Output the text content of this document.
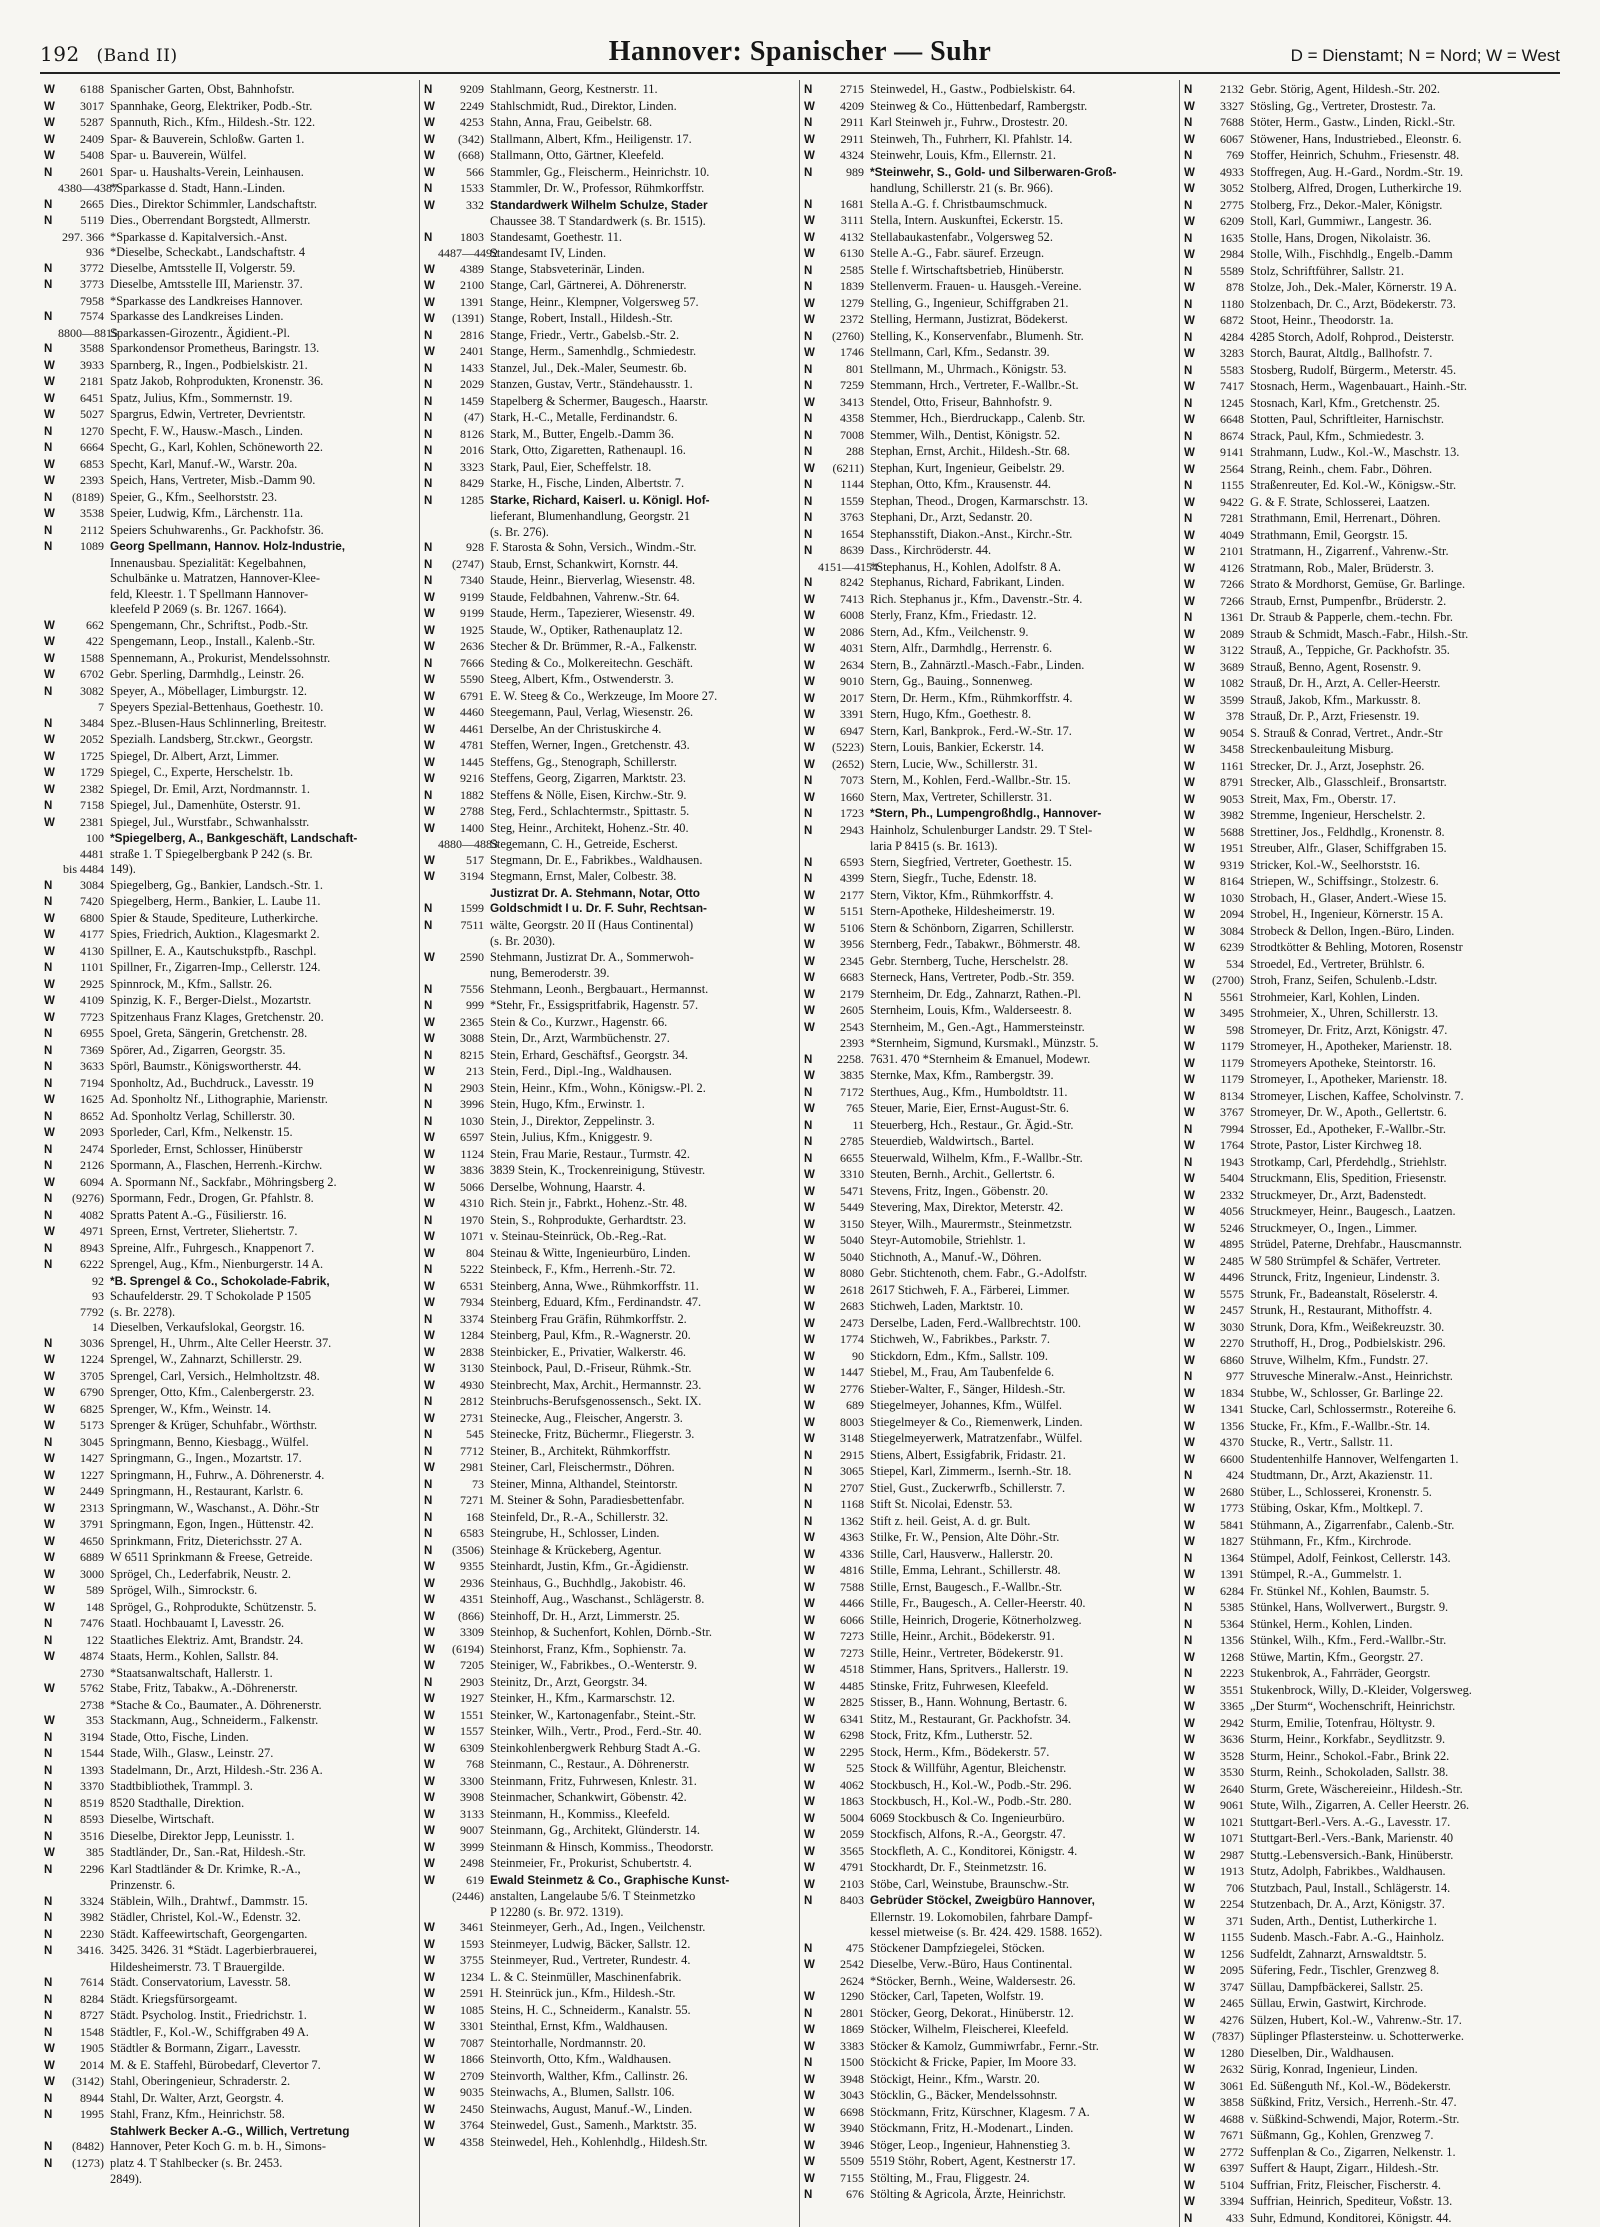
192 (Band II)	Hannover: Spanischer — Suhr	D = Dienstamt; N = Nord; W = West
W	6188 Spanischer Garten, Obst, Bahnhofstr.
W	3017 Spannhake, Georg, Elektriker, Podb.-Str.
W	5287 Spannuth, Rich., Kfm., Hildesh.-Str. 122.
W	2409 Spar- & Bauverein, Schloßw. Garten 1.
W	5408 Spar- u. Bauverein, Wülfel.
N	2601 Spar- u. Haushalts-Verein, Leinhausen.
4380—4387
*Sparkasse d. Stadt, Hann.-Linden.
N	2665 Dies., Direktor Schimmler, Landschaftstr.
N	5119 Dies., Oberrendant Borgstedt, Allmerstr.
297. 366 *Sparkasse d. Kapitalversich.-Anst.
936 *Dieselbe, Scheckabt., Landschaftstr. 4
N	3772 Dieselbe, Amtsstelle II, Volgerstr. 59.
N	3773 Dieselbe, Amtsstelle III, Marienstr. 37.
7958 *Sparkasse des Landkreises Hannover.
N	7574 Sparkasse des Landkreises Linden.
8800—8815
Sparkassen-Girozentr., Ägidient.-Pl.
N	3588 Sparkondensor Prometheus, Baringstr. 13.
W	3933 Sparnberg, R., Ingen., Podbielskistr. 21.
W	2181 Spatz Jakob, Rohprodukten, Kronenstr. 36.
W	6451 Spatz, Julius, Kfm., Sommernstr. 19.
W	5027 Spargrus, Edwin, Vertreter, Devrientstr.
N	1270 Specht, F. W., Hausw.-Masch., Linden.
N	6664 Specht, G., Karl, Kohlen, Schöneworth 22.
W	6853 Specht, Karl, Manuf.-W., Warstr. 20a.
W	2393 Speich, Hans, Vertreter, Misb.-Damm 90.
N	(8189) Speier, G., Kfm., Seelhorststr. 23.
W	3538 Speier, Ludwig, Kfm., Lärchenstr. 11a.
N	2112 Speiers Schuhwarenhs., Gr. Packhofstr. 36.
N	1089 Georg Spellmann, Hannov. Holz-Industrie,
Innenausbau. Spezialität: Kegelbahnen,
Schulbänke u. Matratzen, Hannover-Klee-
feld, Kleestr. 1. T Spellmann Hannover-
kleefeld P 2069 (s. Br. 1267. 1664).
W	662 Spengemann, Chr., Schriftst., Podb.-Str.
W	422 Spengemann, Leop., Install., Kalenb.-Str.
W	1588 Spennemann, A., Prokurist, Mendelssohnstr.
W	6702 Gebr. Sperling, Darmhdlg., Leinstr. 26.
N	3082 Speyer, A., Möbellager, Limburgstr. 12.
7 Speyers Spezial-Bettenhaus, Goethestr. 10.
N	3484 Spez.-Blusen-Haus Schlinnerling, Breitestr.
W	2052 Spezialh. Landsberg, Str.ckwr., Georgstr.
W	1725 Spiegel, Dr. Albert, Arzt, Limmer.
W	1729 Spiegel, C., Experte, Herschelstr. 1b.
W	2382 Spiegel, Dr. Emil, Arzt, Nordmannstr. 1.
N	7158 Spiegel, Jul., Damenhüte, Osterstr. 91.
W	2381 Spiegel, Jul., Wurstfabr., Schwanhalsstr.
100 *Spiegelberg, A., Bankgeschäft, Landschaft-
4481 straße 1. T Spiegelbergbank P 242 (s. Br.
bis 4484 149).
N	3084 Spiegelberg, Gg., Bankier, Landsch.-Str. 1.
N	7420 Spiegelberg, Herm., Bankier, L. Laube 11.
W	6800 Spier & Staude, Spediteure, Lutherkirche.
W	4177 Spies, Friedrich, Auktion., Klagesmarkt 2.
W	4130 Spillner, E. A., Kautschukstpfb., Raschpl.
N	1101 Spillner, Fr., Zigarren-Imp., Cellerstr. 124.
W	2925 Spinnrock, M., Kfm., Sallstr. 26.
W	4109 Spinzig, K. F., Berger-Dielst., Mozartstr.
W	7723 Spitzenhaus Franz Klages, Gretchenstr. 20.
N	6955 Spoel, Greta, Sängerin, Gretchenstr. 28.
N	7369 Spörer, Ad., Zigarren, Georgstr. 35.
N	3633 Spörl, Baumstr., Königswortherstr. 44.
N	7194 Sponholtz, Ad., Buchdruck., Lavesstr. 19
W	1625 Ad. Sponholtz Nf., Lithographie, Marienstr.
N	8652 Ad. Sponholtz Verlag, Schillerstr. 30.
W	2093 Sporleder, Carl, Kfm., Nelkenstr. 15.
N	2474 Sporleder, Ernst, Schlosser, Hinüberstr
N	2126 Spormann, A., Flaschen, Herrenh.-Kirchw.
W	6094 A. Spormann Nf., Sackfabr., Möhringsberg 2.
N	(9276) Spormann, Fedr., Drogen, Gr. Pfahlstr. 8.
N	4082 Spratts Patent A.-G., Füsilierstr. 16.
W	4971 Spreen, Ernst, Vertreter, Sliehertstr. 7.
N	8943 Spreine, Alfr., Fuhrgesch., Knappenort 7.
N	6222 Sprengel, Aug., Kfm., Nienburgerstr. 14 A.
92 *B. Sprengel & Co., Schokolade-Fabrik,
93 Schaufelderstr. 29. T Schokolade P 1505
7792 (s. Br. 2278).
14 Dieselben, Verkaufslokal, Georgstr. 16.
N	3036 Sprengel, H., Uhrm., Alte Celler Heerstr. 37.
W	1224 Sprengel, W., Zahnarzt, Schillerstr. 29.
W	3705 Sprengel, Carl, Versich., Helmholtzstr. 48.
W	6790 Sprenger, Otto, Kfm., Calenbergerstr. 23.
W	6825 Sprenger, W., Kfm., Weinstr. 14.
W	5173 Sprenger & Krüger, Schuhfabr., Wörthstr.
N	3045 Springmann, Benno, Kiesbagg., Wülfel.
W	1427 Springmann, G., Ingen., Mozartstr. 17.
W	1227 Springmann, H., Fuhrw., A. Döhrenerstr. 4.
W	2449 Springmann, H., Restaurant, Karlstr. 6.
W	2313 Springmann, W., Waschanst., A. Döhr.-Str
W	3791 Springmann, Egon, Ingen., Hüttenstr. 42.
W	4650 Sprinkmann, Fritz, Dieterichsstr. 27 A.
W	6889 W 6511 Sprinkmann & Freese, Getreide.
W	3000 Sprögel, Ch., Lederfabrik, Neustr. 2.
W	589 Sprögel, Wilh., Simrockstr. 6.
W	148 Sprögel, G., Rohprodukte, Schützenstr. 5.
N	7476 Staatl. Hochbauamt I, Lavesstr. 26.
N	122 Staatliches Elektriz. Amt, Brandstr. 24.
W	4874 Staats, Herm., Kohlen, Sallstr. 84.
2730 *Staatsanwaltschaft, Hallerstr. 1.
W	5762 Stabe, Fritz, Tabakw., A.-Döhrenerstr.
2738 *Stache & Co., Baumater., A. Döhrenerstr.
W	353 Stackmann, Aug., Schneiderm., Falkenstr.
N	3194 Stade, Otto, Fische, Linden.
N	1544 Stade, Wilh., Glasw., Leinstr. 27.
N	1393 Stadelmann, Dr., Arzt, Hildesh.-Str. 236 A.
N	3370 Stadtbibliothek, Trammpl. 3.
N	8519 8520 Stadthalle, Direktion.
N	8593 Dieselbe, Wirtschaft.
N	3516 Dieselbe, Direktor Jepp, Leunisstr. 1.
W	385 Stadtländer, Dr., San.-Rat, Hildesh.-Str.
N	2296 Karl Stadtländer & Dr. Krimke, R.-A.,
Prinzenstr. 6.
N	3324 Stäblein, Wilh., Drahtwf., Dammstr. 15.
N	3982 Städler, Christel, Kol.-W., Edenstr. 32.
N	2230 Städt. Kaffeewirtschaft, Georgengarten.
N	3416. 3425. 3426. 31 *Städt. Lagerbierbrauerei,
Hildesheimerstr. 73. T Brauergilde.
N	7614 Städt. Conservatorium, Lavesstr. 58.
N	8284 Städt. Kriegsfürsorgeamt.
N	8727 Städt. Psycholog. Instit., Friedrichstr. 1.
N	1548 Städtler, F., Kol.-W., Schiffgraben 49 A.
W	1905 Städtler & Bormann, Zigarr., Lavesstr.
W	2014 M. & E. Staffehl, Bürobedarf, Clevertor 7.
W	(3142) Stahl, Oberingenieur, Schraderstr. 2.
N	8944 Stahl, Dr. Walter, Arzt, Georgstr. 4.
N	1995 Stahl, Franz, Kfm., Heinrichstr. 58.
Stahlwerk Becker A.-G., Willich, Vertretung
N	(8482) Hannover, Peter Koch G. m. b. H., Simons-
N	(1273) platz 4. T Stahlbecker (s. Br. 2453.
2849).
N	9209 Stahlmann, Georg, Kestnerstr. 11.
W	2249 Stahlschmidt, Rud., Direktor, Linden.
W	4253 Stahn, Anna, Frau, Geibelstr. 68.
W	(342) Stallmann, Albert, Kfm., Heiligenstr. 17.
W	(668) Stallmann, Otto, Gärtner, Kleefeld.
W	566 Stammler, Gg., Fleischerm., Heinrichstr. 10.
N	1533 Stammler, Dr. W., Professor, Rühmkorffstr.
W	332 Standardwerk Wilhelm Schulze, Stader
Chaussee 38. T Standardwerk (s. Br. 1515).
N	1803 Standesamt, Goethestr. 11.
4487—4492
Standesamt IV, Linden.
W	4389 Stange, Stabsveterinär, Linden.
W	2100 Stange, Carl, Gärtnerei, A. Döhrenerstr.
W	1391 Stange, Heinr., Klempner, Volgersweg 57.
W	(1391) Stange, Robert, Install., Hildesh.-Str.
N	2816 Stange, Friedr., Vertr., Gabelsb.-Str. 2.
W	2401 Stange, Herm., Samenhdlg., Schmiedestr.
N	1433 Stanzel, Jul., Dek.-Maler, Seumestr. 6b.
N	2029 Stanzen, Gustav, Vertr., Ständehausstr. 1.
N	1459 Stapelberg & Schermer, Baugesch., Haarstr.
N	(47) Stark, H.-C., Metalle, Ferdinandstr. 6.
N	8126 Stark, M., Butter, Engelb.-Damm 36.
N	2016 Stark, Otto, Zigaretten, Rathenaupl. 16.
N	3323 Stark, Paul, Eier, Scheffelstr. 18.
N	8429 Starke, H., Fische, Linden, Albertstr. 7.
N	1285 Starke, Richard, Kaiserl. u. Königl. Hof-
lieferant, Blumenhandlung, Georgstr. 21
(s. Br. 276).
N	928 F. Starosta & Sohn, Versich., Windm.-Str.
N	(2747) Staub, Ernst, Schankwirt, Kornstr. 44.
N	7340 Staude, Heinr., Bierverlag, Wiesenstr. 48.
W	9199 Staude, Feldbahnen, Vahrenw.-Str. 64.
W	9199 Staude, Herm., Tapezierer, Wiesenstr. 49.
W	1925 Staude, W., Optiker, Rathenauplatz 12.
W	2636 Stecher & Dr. Brümmer, R.-A., Falkenstr.
N	7666 Steding & Co., Molkereitechn. Geschäft.
W	5590 Steeg, Albert, Kfm., Ostwenderstr. 3.
W	6791 E. W. Steeg & Co., Werkzeuge, Im Moore 27.
W	4460 Steegemann, Paul, Verlag, Wiesenstr. 26.
W	4461 Derselbe, An der Christuskirche 4.
W	4781 Steffen, Werner, Ingen., Gretchenstr. 43.
W	1445 Steffens, Gg., Stenograph, Schillerstr.
W	9216 Steffens, Georg, Zigarren, Marktstr. 23.
N	1882 Steffens & Nölle, Eisen, Kirchw.-Str. 9.
W	2788 Steg, Ferd., Schlachtermstr., Spittastr. 5.
W	1400 Steg, Heinr., Architekt, Hohenz.-Str. 40.
4880—4883
Stegemann, C. H., Getreide, Escherst.
W	517 Stegmann, Dr. E., Fabrikbes., Waldhausen.
W	3194 Stegmann, Ernst, Maler, Colbestr. 38.
Justizrat Dr. A. Stehmann, Notar, Otto
N	1599 Goldschmidt I u. Dr. F. Suhr, Rechtsan-
N	7511 wälte, Georgstr. 20 II (Haus Continental)
(s. Br. 2030).
W	2590 Stehmann, Justizrat Dr. A., Sommerwoh-
nung, Bemeroderstr. 39.
N	7556 Stehmann, Leonh., Bergbauart., Hermannst.
N	999 *Stehr, Fr., Essigspritfabrik, Hagenstr. 57.
W	2365 Stein & Co., Kurzwr., Hagenstr. 66.
W	3088 Stein, Dr., Arzt, Warmbüchenstr. 27.
N	8215 Stein, Erhard, Geschäftsf., Georgstr. 34.
W	213 Stein, Ferd., Dipl.-Ing., Waldhausen.
N	2903 Stein, Heinr., Kfm., Wohn., Königsw.-Pl. 2.
N	3996 Stein, Hugo, Kfm., Erwinstr. 1.
N	1030 Stein, J., Direktor, Zeppelinstr. 3.
W	6597 Stein, Julius, Kfm., Kniggestr. 9.
W	1124 Stein, Frau Marie, Restaur., Turmstr. 42.
W	3836 3839 Stein, K., Trockenreinigung, Stüvestr.
W	5066 Derselbe, Wohnung, Haarstr. 4.
W	4310 Rich. Stein jr., Fabrkt., Hohenz.-Str. 48.
N	1970 Stein, S., Rohprodukte, Gerhardtstr. 23.
W	1071 v. Steinau-Steinrück, Ob.-Reg.-Rat.
W	804 Steinau & Witte, Ingenieurbüro, Linden.
N	5222 Steinbeck, F., Kfm., Herrenh.-Str. 72.
W	6531 Steinberg, Anna, Wwe., Rühmkorffstr. 11.
W	7934 Steinberg, Eduard, Kfm., Ferdinandstr. 47.
N	3374 Steinberg Frau Gräfin, Rühmkorffstr. 2.
W	1284 Steinberg, Paul, Kfm., R.-Wagnerstr. 20.
W	2838 Steinbicker, E., Privatier, Walkerstr. 46.
W	3130 Steinbock, Paul, D.-Friseur, Rühmk.-Str.
W	4930 Steinbrecht, Max, Archit., Hermannstr. 23.
N	2812 Steinbruchs-Berufsgenossensch., Sekt. IX.
W	2731 Steinecke, Aug., Fleischer, Angerstr. 3.
N	545 Steinecke, Fritz, Büchermr., Fliegerstr. 3.
N	7712 Steiner, B., Architekt, Rühmkorffstr.
W	2981 Steiner, Carl, Fleischermstr., Döhren.
N	73 Steiner, Minna, Althandel, Steintorstr.
N	7271 M. Steiner & Sohn, Paradiesbettenfabr.
N	168 Steinfeld, Dr., R.-A., Schillerstr. 32.
N	6583 Steingrube, H., Schlosser, Linden.
N	(3506) Steinhage & Krückeberg, Agentur.
W	9355 Steinhardt, Justin, Kfm., Gr.-Ägidienstr.
W	2936 Steinhaus, G., Buchhdlg., Jakobistr. 46.
W	4351 Steinhoff, Aug., Waschanst., Schlägerstr. 8.
W	(866) Steinhoff, Dr. H., Arzt, Limmerstr. 25.
W	3309 Steinhop, & Suchenfort, Kohlen, Dörnb.-Str.
W	(6194) Steinhorst, Franz, Kfm., Sophienstr. 7a.
W	7205 Steiniger, W., Fabrikbes., O.-Wenterstr. 9.
N	2903 Steinitz, Dr., Arzt, Georgstr. 34.
W	1927 Steinker, H., Kfm., Karmarschstr. 12.
W	1551 Steinker, W., Kartonagenfabr., Steint.-Str.
W	1557 Steinker, Wilh., Vertr., Prod., Ferd.-Str. 40.
W	6309 Steinkohlenbergwerk Rehburg Stadt A.-G.
W	768 Steinmann, C., Restaur., A. Döhrenerstr.
W	3300 Steinmann, Fritz, Fuhrwesen, Knlestr. 31.
W	3908 Steinmacher, Schankwirt, Göbenstr. 42.
W	3133 Steinmann, H., Kommiss., Kleefeld.
W	9007 Steinmann, Gg., Architekt, Glünderstr. 14.
W	3999 Steinmann & Hinsch, Kommiss., Theodorstr.
W	2498 Steinmeier, Fr., Prokurist, Schubertstr. 4.
W	619 Ewald Steinmetz & Co., Graphische Kunst-
(2446) anstalten, Langelaube 5/6. T Steinmetzko
P 12280 (s. Br. 972. 1319).
W	3461 Steinmeyer, Gerh., Ad., Ingen., Veilchenstr.
W	1593 Steinmeyer, Ludwig, Bäcker, Sallstr. 12.
W	3755 Steinmeyer, Rud., Vertreter, Rundestr. 4.
W	1234 L. & C. Steinmüller, Maschinenfabrik.
W	2591 H. Steinrück jun., Kfm., Hildesh.-Str.
W	1085 Steins, H. C., Schneiderm., Kanalstr. 55.
W	3301 Steinthal, Ernst, Kfm., Waldhausen.
W	7087 Steintorhalle, Nordmannstr. 20.
W	1866 Steinvorth, Otto, Kfm., Waldhausen.
W	2709 Steinvorth, Walther, Kfm., Callinstr. 26.
W	9035 Steinwachs, A., Blumen, Sallstr. 106.
W	2450 Steinwachs, August, Manuf.-W., Linden.
W	3764 Steinwedel, Gust., Samenh., Marktstr. 35.
W	4358 Steinwedel, Heh., Kohlenhdlg., Hildesh.Str.
N	2715 Steinwedel, H., Gastw., Podbielskistr. 64.
W	4209 Steinweg & Co., Hüttenbedarf, Rambergstr.
N	2911 Karl Steinweh jr., Fuhrw., Drostestr. 20.
W	2911 Steinweh, Th., Fuhrherr, Kl. Pfahlstr. 14.
W	4324 Steinwehr, Louis, Kfm., Ellernstr. 21.
N	989 *Steinwehr, S., Gold- und Silberwaren-Groß-
handlung, Schillerstr. 21 (s. Br. 966).
N	1681 Stella A.-G. f. Christbaumschmuck.
W	3111 Stella, Intern. Auskunftei, Eckerstr. 15.
W	4132 Stellabaukastenfabr., Volgersweg 52.
W	6130 Stelle A.-G., Fabr. säuref. Erzeugn.
N	2585 Stelle f. Wirtschaftsbetrieb, Hinüberstr.
N	1839 Stellenverm. Frauen- u. Hausgeh.-Vereine.
W	1279 Stelling, G., Ingenieur, Schiffgraben 21.
W	2372 Stelling, Hermann, Justizrat, Bödekerst.
N	(2760) Stelling, K., Konservenfabr., Blumenh. Str.
W	1746 Stellmann, Carl, Kfm., Sedanstr. 39.
N	801 Stellmann, M., Uhrmach., Königstr. 53.
N	7259 Stemmann, Hrch., Vertreter, F.-Wallbr.-St.
W	3413 Stendel, Otto, Friseur, Bahnhofstr. 9.
N	4358 Stemmer, Hch., Bierdruckapp., Calenb. Str.
N	7008 Stemmer, Wilh., Dentist, Königstr. 52.
N	288 Stephan, Ernst, Archit., Hildesh.-Str. 68.
W	(6211) Stephan, Kurt, Ingenieur, Geibelstr. 29.
N	1144 Stephan, Otto, Kfm., Krausenstr. 44.
N	1559 Stephan, Theod., Drogen, Karmarschstr. 13.
N	3763 Stephani, Dr., Arzt, Sedanstr. 20.
N	1654 Stephansstift, Diakon.-Anst., Kirchr.-Str.
N	8639 Dass., Kirchröderstr. 44.
4151—4154
*Stephanus, H., Kohlen, Adolfstr. 8 A.
N	8242 Stephanus, Richard, Fabrikant, Linden.
W	7413 Rich. Stephanus jr., Kfm., Davenstr.-Str. 4.
W	6008 Sterly, Franz, Kfm., Friedastr. 12.
W	2086 Stern, Ad., Kfm., Veilchenstr. 9.
W	4031 Stern, Alfr., Darmhdlg., Herrenstr. 6.
W	2634 Stern, B., Zahnärztl.-Masch.-Fabr., Linden.
W	9010 Stern, Gg., Bauing., Sonnenweg.
W	2017 Stern, Dr. Herm., Kfm., Rühmkorffstr. 4.
W	3391 Stern, Hugo, Kfm., Goethestr. 8.
W	6947 Stern, Karl, Bankprok., Ferd.-W.-Str. 17.
W	(5223) Stern, Louis, Bankier, Eckerstr. 14.
W	(2652) Stern, Lucie, Ww., Schillerstr. 31.
N	7073 Stern, M., Kohlen, Ferd.-Wallbr.-Str. 15.
W	1660 Stern, Max, Vertreter, Schillerstr. 31.
N	1723 *Stern, Ph., Lumpengroßhdlg., Hannover-
N	2943 Hainholz, Schulenburger Landstr. 29. T Stel-
laria P 8415 (s. Br. 1613).
N	6593 Stern, Siegfried, Vertreter, Goethestr. 15.
N	4399 Stern, Siegfr., Tuche, Edenstr. 18.
W	2177 Stern, Viktor, Kfm., Rühmkorffstr. 4.
W	5151 Stern-Apotheke, Hildesheimerstr. 19.
W	5106 Stern & Schönborn, Zigarren, Schillerstr.
W	3956 Sternberg, Fedr., Tabakwr., Böhmerstr. 48.
W	2345 Gebr. Sternberg, Tuche, Herschelstr. 28.
W	6683 Sterneck, Hans, Vertreter, Podb.-Str. 359.
W	2179 Sternheim, Dr. Edg., Zahnarzt, Rathen.-Pl.
W	2605 Sternheim, Louis, Kfm., Walderseestr. 8.
W	2543 Sternheim, M., Gen.-Agt., Hammersteinstr.
2393 *Sternheim, Sigmund, Kursmakl., Münzstr. 5.
N	2258. 7631. 470 *Sternheim & Emanuel, Modewr.
W	3835 Sternke, Max, Kfm., Rambergstr. 39.
N	7172 Sterthues, Aug., Kfm., Humboldtstr. 11.
W	765 Steuer, Marie, Eier, Ernst-August-Str. 6.
N	11 Steuerberg, Hch., Restaur., Gr. Ägid.-Str.
N	2785 Steuerdieb, Waldwirtsch., Bartel.
N	6655 Steuerwald, Wilhelm, Kfm., F.-Wallbr.-Str.
W	3310 Steuten, Bernh., Archit., Gellertstr. 6.
W	5471 Stevens, Fritz, Ingen., Göbenstr. 20.
W	5449 Stevering, Max, Direktor, Meterstr. 42.
W	3150 Steyer, Wilh., Maurermstr., Steinmetzstr.
W	5040 Steyr-Automobile, Striehlstr. 1.
W	5040 Stichnoth, A., Manuf.-W., Döhren.
W	8080 Gebr. Stichtenoth, chem. Fabr., G.-Adolfstr.
W	2618 2617 Stichweh, F. A., Färberei, Limmer.
W	2683 Stichweh, Laden, Marktstr. 10.
W	2473 Derselbe, Laden, Ferd.-Wallbrechtstr. 100.
W	1774 Stichweh, W., Fabrikbes., Parkstr. 7.
W	90 Stickdorn, Edm., Kfm., Sallstr. 109.
W	1447 Stiebel, M., Frau, Am Taubenfelde 6.
W	2776 Stieber-Walter, F., Sänger, Hildesh.-Str.
W	689 Stiegelmeyer, Johannes, Kfm., Wülfel.
W	8003 Stiegelmeyer & Co., Riemenwerk, Linden.
W	3148 Stiegelmeyerwerk, Matratzenfabr., Wülfel.
N	2915 Stiens, Albert, Essigfabrik, Fridastr. 21.
N	3065 Stiepel, Karl, Zimmerm., Isernh.-Str. 18.
N	2707 Stiel, Gust., Zuckerwrfb., Schillerstr. 7.
N	1168 Stift St. Nicolai, Edenstr. 53.
N	1362 Stift z. heil. Geist, A. d. gr. Bult.
W	4363 Stilke, Fr. W., Pension, Alte Döhr.-Str.
W	4336 Stille, Carl, Hausverw., Hallerstr. 20.
W	4816 Stille, Emma, Lehrant., Schillerstr. 48.
W	7588 Stille, Ernst, Baugesch., F.-Wallbr.-Str.
W	4466 Stille, Fr., Baugesch., A. Celler-Heerstr. 40.
W	6066 Stille, Heinrich, Drogerie, Kötnerholzweg.
W	7273 Stille, Heinr., Archit., Bödekerstr. 91.
W	7273 Stille, Heinr., Vertreter, Bödekerstr. 91.
W	4518 Stimmer, Hans, Spritvers., Hallerstr. 19.
W	4485 Stinske, Fritz, Fuhrwesen, Kleefeld.
W	2825 Stisser, B., Hann. Wohnung, Bertastr. 6.
W	6341 Stitz, M., Restaurant, Gr. Packhofstr. 34.
W	6298 Stock, Fritz, Kfm., Lutherstr. 52.
W	2295 Stock, Herm., Kfm., Bödekerstr. 57.
W	525 Stock & Willführ, Agentur, Bleichenstr.
W	4062 Stockbusch, H., Kol.-W., Podb.-Str. 296.
W	1863 Stockbusch, H., Kol.-W., Podb.-Str. 280.
W	5004 6069 Stockbusch & Co. Ingenieurbüro.
W	2059 Stockfisch, Alfons, R.-A., Georgstr. 47.
W	3565 Stockfleth, A. C., Konditorei, Königstr. 4.
W	4791 Stockhardt, Dr. F., Steinmetzstr. 16.
W	2103 Stöbe, Carl, Weinstube, Braunschw.-Str.
N	8403 Gebrüder Stöckel, Zweigbüro Hannover,
Ellernstr. 19. Lokomobilen, fahrbare Dampf-
kessel mietweise (s. Br. 424. 429. 1588. 1652).
N	475 Stöckener Dampfziegelei, Stöcken.
W	2542 Dieselbe, Verw.-Büro, Haus Continental.
2624 *Stöcker, Bernh., Weine, Waldersestr. 26.
W	1290 Stöcker, Carl, Tapeten, Wolfstr. 19.
N	2801 Stöcker, Georg, Dekorat., Hinüberstr. 12.
W	1869 Stöcker, Wilhelm, Fleischerei, Kleefeld.
W	3383 Stöcker & Kamolz, Gummiwrfabr., Fernr.-Str.
N	1500 Stöckicht & Fricke, Papier, Im Moore 33.
W	3948 Stöckigt, Heinr., Kfm., Warstr. 20.
W	3043 Stöcklin, G., Bäcker, Mendelssohnstr.
W	6698 Stöckmann, Fritz, Kürschner, Klagesm. 7 A.
W	3940 Stöckmann, Fritz, H.-Modenart., Linden.
W	3946 Stöger, Leop., Ingenieur, Hahnenstieg 3.
W	5509 5519 Stöhr, Robert, Agent, Kestnerstr 17.
W	7155 Stölting, M., Frau, Fliggestr. 24.
N	676 Stölting & Agricola, Ärzte, Heinrichstr.
N	2132 Gebr. Störig, Agent, Hildesh.-Str. 202.
W	3327 Stösling, Gg., Vertreter, Drostestr. 7a.
N	7688 Stöter, Herm., Gastw., Linden, Rickl.-Str.
W	6067 Stöwener, Hans, Industriebed., Eleonstr. 6.
N	769 Stoffer, Heinrich, Schuhm., Friesenstr. 48.
W	4933 Stoffregen, Aug. H.-Gard., Nordm.-Str. 19.
W	3052 Stolberg, Alfred, Drogen, Lutherkirche 19.
N	2775 Stolberg, Frz., Dekor.-Maler, Königstr.
W	6209 Stoll, Karl, Gummiwr., Langestr. 36.
N	1635 Stolle, Hans, Drogen, Nikolaistr. 36.
W	2984 Stolle, Wilh., Fischhdlg., Engelb.-Damm
N	5589 Stolz, Schriftführer, Sallstr. 21.
W	878 Stolze, Joh., Dek.-Maler, Körnerstr. 19 A.
N	1180 Stolzenbach, Dr. C., Arzt, Bödekerstr. 73.
W	6872 Stoot, Heinr., Theodorstr. 1a.
N	4284 4285 Storch, Adolf, Rohprod., Deisterstr.
W	3283 Storch, Baurat, Altdlg., Ballhofstr. 7.
N	5583 Stosberg, Rudolf, Bürgerm., Meterstr. 45.
W	7417 Stosnach, Herm., Wagenbauart., Hainh.-Str.
N	1245 Stosnach, Karl, Kfm., Gretchenstr. 25.
W	6648 Stotten, Paul, Schriftleiter, Harnischstr.
N	8674 Strack, Paul, Kfm., Schmiedestr. 3.
W	9141 Strahmann, Ludw., Kol.-W., Maschstr. 13.
W	2564 Strang, Reinh., chem. Fabr., Döhren.
N	1155 Straßenreuter, Ed. Kol.-W., Königsw.-Str.
W	9422 G. & F. Strate, Schlosserei, Laatzen.
N	7281 Strathmann, Emil, Herrenart., Döhren.
W	4049 Strathmann, Emil, Georgstr. 15.
W	2101 Stratmann, H., Zigarrenf., Vahrenw.-Str.
W	4126 Stratmann, Rob., Maler, Brüderstr. 3.
W	7266 Strato & Mordhorst, Gemüse, Gr. Barlinge.
W	7266 Straub, Ernst, Pumpenfbr., Brüderstr. 2.
N	1361 Dr. Straub & Papperle, chem.-techn. Fbr.
W	2089 Straub & Schmidt, Masch.-Fabr., Hilsh.-Str.
W	3122 Strauß, A., Teppiche, Gr. Packhofstr. 35.
W	3689 Strauß, Benno, Agent, Rosenstr. 9.
W	1082 Strauß, Dr. H., Arzt, A. Celler-Heerstr.
W	3599 Strauß, Jakob, Kfm., Markusstr. 8.
W	378 Strauß, Dr. P., Arzt, Friesenstr. 19.
W	9054 S. Strauß & Conrad, Vertret., Andr.-Str
W	3458 Streckenbauleitung Misburg.
W	1161 Strecker, Dr. J., Arzt, Josephstr. 26.
W	8791 Strecker, Alb., Glasschleif., Bronsartstr.
W	9053 Streit, Max, Fm., Oberstr. 17.
W	3982 Stremme, Ingenieur, Herschelstr. 2.
W	5688 Strettiner, Jos., Feldhdlg., Kronenstr. 8.
W	1951 Streuber, Alfr., Glaser, Schiffgraben 15.
W	9319 Stricker, Kol.-W., Seelhorststr. 16.
W	8164 Striepen, W., Schiffsingr., Stolzestr. 6.
W	1030 Strobach, H., Glaser, Andert.-Wiese 15.
W	2094 Strobel, H., Ingenieur, Körnerstr. 15 A.
W	3084 Strobeck & Dellon, Ingen.-Büro, Linden.
W	6239 Strodtkötter & Behling, Motoren, Rosenstr
W	534 Stroedel, Ed., Vertreter, Brühlstr. 6.
W	(2700) Stroh, Franz, Seifen, Schulenb.-Ldstr.
N	5561 Strohmeier, Karl, Kohlen, Linden.
W	3495 Strohmeier, X., Uhren, Schillerstr. 13.
W	598 Stromeyer, Dr. Fritz, Arzt, Königstr. 47.
W	1179 Stromeyer, H., Apotheker, Marienstr. 18.
W	1179 Stromeyers Apotheke, Steintorstr. 16.
W	1179 Stromeyer, I., Apotheker, Marienstr. 18.
W	8134 Stromeyer, Lischen, Kaffee, Scholvinstr. 7.
W	3767 Stromeyer, Dr. W., Apoth., Gellertstr. 6.
N	7994 Strosser, Ed., Apotheker, F.-Wallbr.-Str.
W	1764 Strote, Pastor, Lister Kirchweg 18.
N	1943 Strotkamp, Carl, Pferdehdlg., Striehlstr.
W	5404 Struckmann, Elis, Spedition, Friesenstr.
W	2332 Struckmeyer, Dr., Arzt, Badenstedt.
W	4056 Struckmeyer, Heinr., Baugesch., Laatzen.
W	5246 Struckmeyer, O., Ingen., Limmer.
W	4895 Strüdel, Paterne, Drehfabr., Hauscmannstr.
W	2485 W 580 Strümpfel & Schäfer, Vertreter.
W	4496 Strunck, Fritz, Ingenieur, Lindenstr. 3.
W	5575 Strunk, Fr., Badeanstalt, Röselerstr. 4.
W	2457 Strunk, H., Restaurant, Mithoffstr. 4.
W	3030 Strunk, Dora, Kfm., Weißekreuzstr. 30.
W	2270 Struthoff, H., Drog., Podbielskistr. 296.
W	6860 Struve, Wilhelm, Kfm., Fundstr. 27.
N	977 Struvesche Mineralw.-Anst., Heinrichstr.
W	1834 Stubbe, W., Schlosser, Gr. Barlinge 22.
W	1341 Stucke, Carl, Schlossermstr., Rotereihe 6.
W	1356 Stucke, Fr., Kfm., F.-Wallbr.-Str. 14.
W	4370 Stucke, R., Vertr., Sallstr. 11.
W	6600 Studentenhilfe Hannover, Welfengarten 1.
N	424 Studtmann, Dr., Arzt, Akazienstr. 11.
W	2680 Stüber, L., Schlosserei, Kronenstr. 5.
W	1773 Stübing, Oskar, Kfm., Moltkepl. 7.
W	5841 Stühmann, A., Zigarrenfabr., Calenb.-Str.
W	1827 Stühmann, Fr., Kfm., Kirchrode.
N	1364 Stümpel, Adolf, Feinkost, Cellerstr. 143.
W	1391 Stümpel, R.-A., Gummelstr. 1.
W	6284 Fr. Stünkel Nf., Kohlen, Baumstr. 5.
N	5385 Stünkel, Hans, Wollverwert., Burgstr. 9.
N	5364 Stünkel, Herm., Kohlen, Linden.
N	1356 Stünkel, Wilh., Kfm., Ferd.-Wallbr.-Str.
W	1268 Stüwe, Martin, Kfm., Georgstr. 27.
N	2223 Stukenbrok, A., Fahrräder, Georgstr.
W	3551 Stukenbrock, Willy, D.-Kleider, Volgersweg.
W	3365 „Der Sturm“, Wochenschrift, Heinrichstr.
W	2942 Sturm, Emilie, Totenfrau, Höltystr. 9.
W	3636 Sturm, Heinr., Korkfabr., Seydlitzstr. 9.
W	3528 Sturm, Heinr., Schokol.-Fabr., Brink 22.
W	3530 Sturm, Reinh., Schokoladen, Sallstr. 38.
W	2640 Sturm, Grete, Wäschereieinr., Hildesh.-Str.
W	9061 Stute, Wilh., Zigarren, A. Celler Heerstr. 26.
W	1021 Stuttgart-Berl.-Vers. A.-G., Lavesstr. 17.
W	1071 Stuttgart-Berl.-Vers.-Bank, Marienstr. 40
W	2987 Stuttg.-Lebensversich.-Bank, Hinüberstr.
W	1913 Stutz, Adolph, Fabrikbes., Waldhausen.
W	706 Stutzbach, Paul, Install., Schlägerstr. 14.
W	2254 Stutzenbach, Dr. A., Arzt, Königstr. 37.
W	371 Suden, Arth., Dentist, Lutherkirche 1.
W	1155 Sudenb. Masch.-Fabr. A.-G., Hainholz.
W	1256 Sudfeldt, Zahnarzt, Arnswaldtstr. 5.
W	2095 Süfering, Fedr., Tischler, Grenzweg 8.
W	3747 Süllau, Dampfbäckerei, Sallstr. 25.
W	2465 Süllau, Erwin, Gastwirt, Kirchrode.
W	4276 Sülzen, Hubert, Kol.-W., Vahrenw.-Str. 17.
W	(7837) Süplinger Pflastersteinw. u. Schotterwerke.
W	1280 Dieselben, Dir., Waldhausen.
W	2632 Sürig, Konrad, Ingenieur, Linden.
W	3061 Ed. Süßenguth Nf., Kol.-W., Bödekerstr.
W	3858 Süßkind, Fritz, Versich., Herrenh.-Str. 47.
W	4688 v. Süßkind-Schwendi, Major, Roterm.-Str.
W	7671 Süßmann, Gg., Kohlen, Grenzweg 7.
W	2772 Suffenplan & Co., Zigarren, Nelkenstr. 1.
W	6397 Suffert & Haupt, Zigarr., Hildesh.-Str.
W	5104 Suffrian, Fritz, Fleischer, Fischerstr. 4.
W	3394 Suffrian, Heinrich, Spediteur, Voßstr. 13.
N	433 Suhr, Edmund, Konditorei, Königstr. 44.
